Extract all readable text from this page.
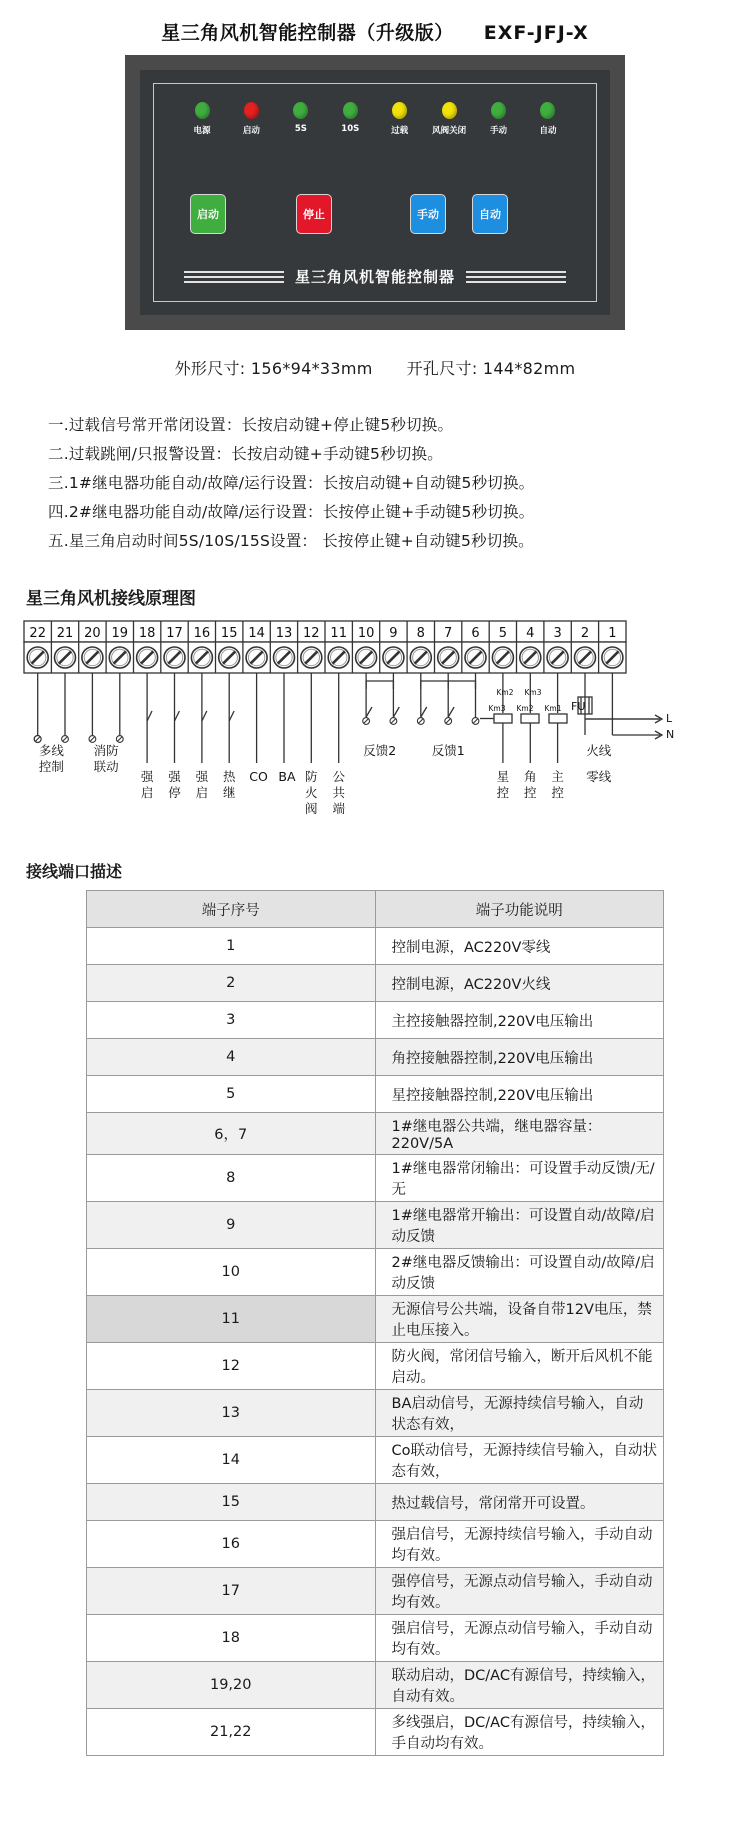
星三角风机智能控制器（升级版） EXF-JFJ-X
电源	启动	5S	10S	过载	风阀关闭	手动	自动
启动	停止	手动	自动
星三角风机智能控制器
外形尺寸: 156*94*33mm 开孔尺寸: 144*82mm
一.过载信号常开常闭设置：长按启动键+停止键5秒切换。
二.过载跳闸/只报警设置：长按启动键+手动键5秒切换。
三.1#继电器功能自动/故障/运行设置：长按启动键+自动键5秒切换。
四.2#继电器功能自动/故障/运行设置：长按停止键+手动键5秒切换。
五.星三角启动时间5S/10S/15S设置： 长按停止键+自动键5秒切换。
星三角风机接线原理图
22 21 20 19 18 17 16 15 14 13 12 11 10 9 8 7 6 5 4 3 2 1
Km2 Km3
Km3 Km2 Km1 FU
L
N
多线
控制
消防
联动
强
启
强
停
强
启
热
继
CO BA 防
火
阀
公
共
端
反馈2	反馈1
星
控
角
控
主
控
火线
零线
接线端口描述
端子序号	端子功能说明
1	控制电源，AC220V零线
2	控制电源，AC220V火线
3	主控接触器控制,220V电压输出
4	角控接触器控制,220V电压输出
5	星控接触器控制,220V电压输出
6，7	1#继电器公共端，继电器容量：220V/5A
8	1#继电器常闭输出：可设置手动反馈/无/无
9	1#继电器常开输出：可设置自动/故障/启动反馈
10	2#继电器反馈输出：可设置自动/故障/启动反馈
11	无源信号公共端，设备自带12V电压，禁止电压接入。
12	防火阀，常闭信号输入，断开后风机不能启动。
13	BA启动信号，无源持续信号输入，自动状态有效，
14	Co联动信号，无源持续信号输入，自动状态有效，
15	热过载信号，常闭常开可设置。
16	强启信号，无源持续信号输入，手动自动均有效。
17	强停信号，无源点动信号输入，手动自动均有效。
18	强启信号，无源点动信号输入，手动自动均有效。
19,20	联动启动，DC/AC有源信号，持续输入，自动有效。
21,22	多线强启，DC/AC有源信号，持续输入，手自动均有效。
